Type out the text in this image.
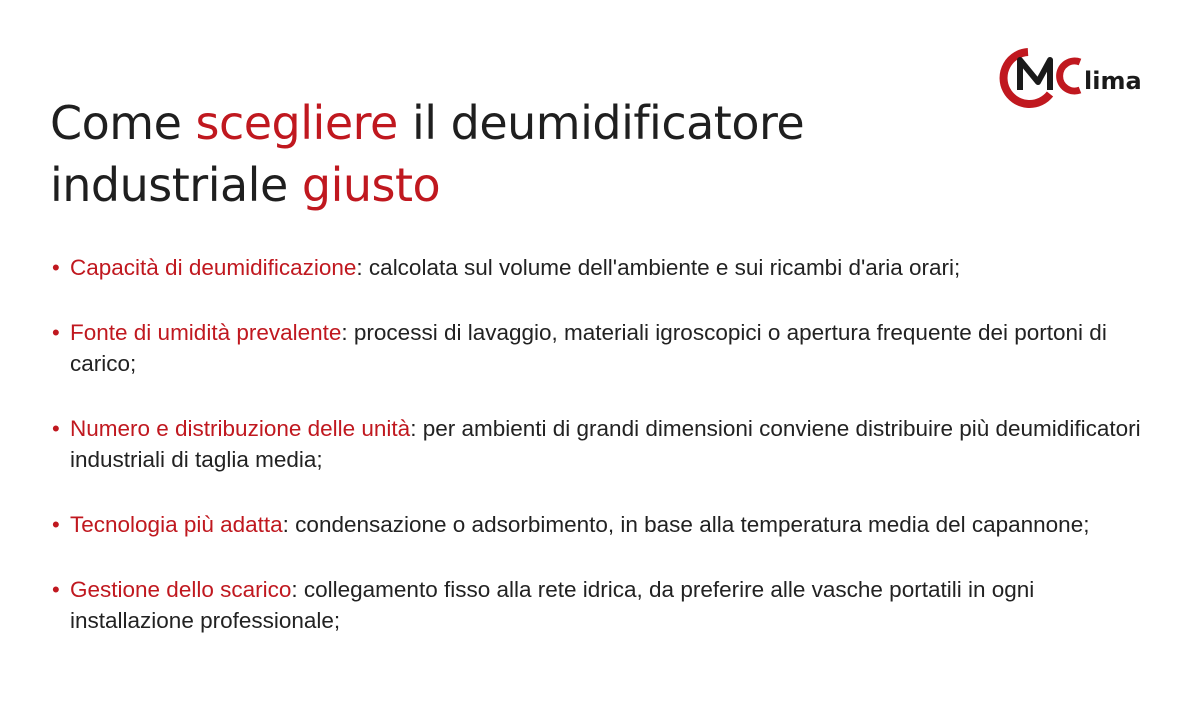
lima
Come scegliere il deumidificatore
industriale giusto
• Capacità di deumidificazione: calcolata sul volume dell'ambiente e sui ricambi d'aria orari;
• Fonte di umidità prevalente: processi di lavaggio, materiali igroscopici o apertura frequente dei portoni di carico;
• Numero e distribuzione delle unità: per ambienti di grandi dimensioni conviene distribuire più deumidificatori industriali di taglia media;
• Tecnologia più adatta: condensazione o adsorbimento, in base alla temperatura media del capannone;
• Gestione dello scarico: collegamento fisso alla rete idrica, da preferire alle vasche portatili in ogni installazione professionale;
